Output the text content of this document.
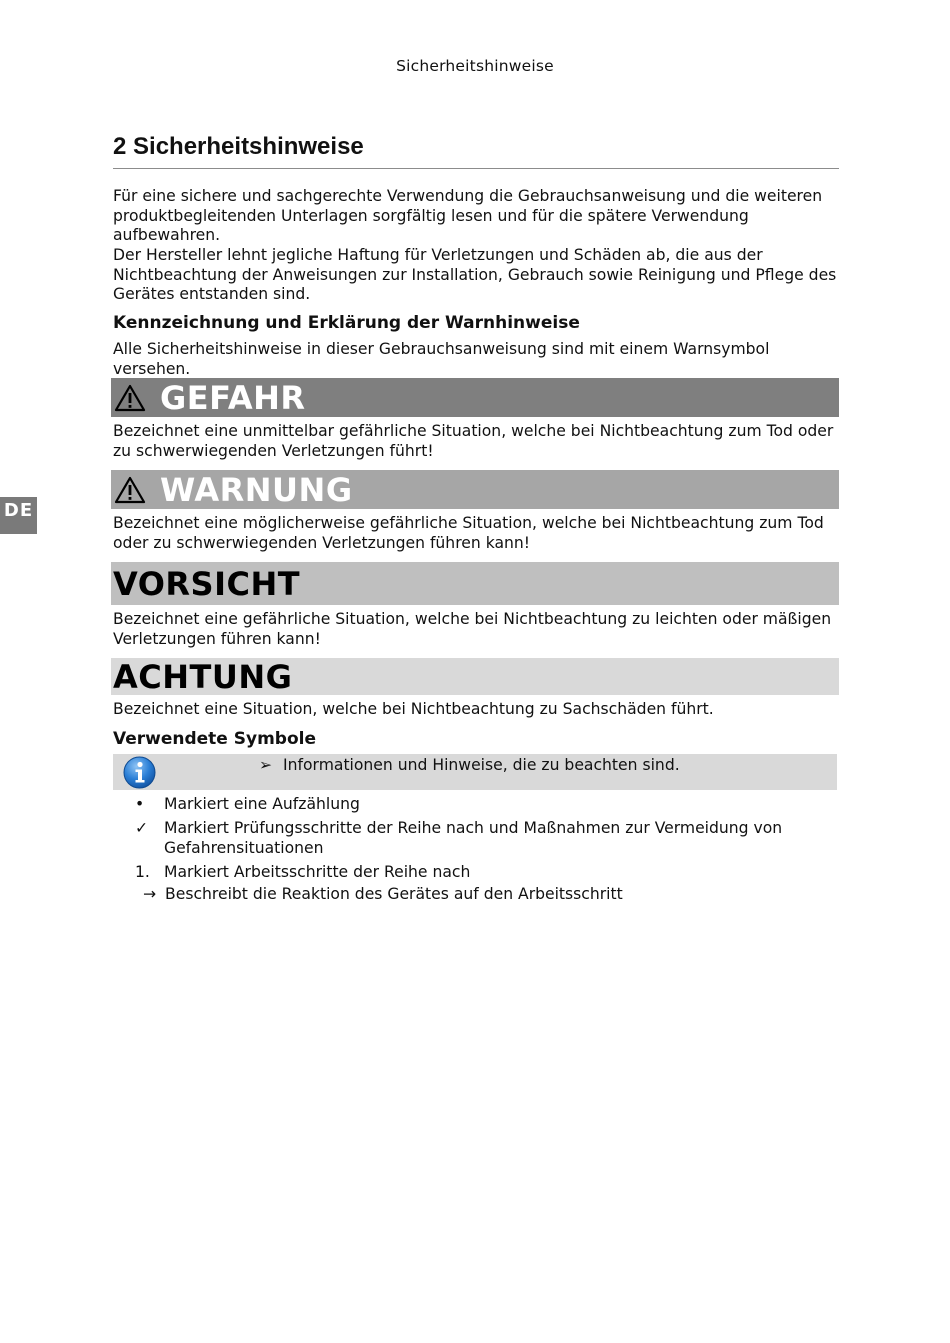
Sicherheitshinweise
DE
2 Sicherheitshinweise

Für eine sichere und sachgerechte Verwendung die Gebrauchsanweisung und die weiteren produktbegleitenden Unterlagen sorgfältig lesen und für die spätere Verwendung aufbewahren.

Der Hersteller lehnt jegliche Haftung für Verletzungen und Schäden ab, die aus der Nichtbeachtung der Anweisungen zur Installation, Gebrauch sowie Reinigung und Pflege des Gerätes entstanden sind.

Kennzeichnung und Erklärung der Warnhinweise

Alle Sicherheitshinweise in dieser Gebrauchsanweisung sind mit einem Warnsymbol versehen.

GEFAHR

Bezeichnet eine unmittelbar gefährliche Situation, welche bei Nichtbeachtung zum Tod oder zu schwerwiegenden Verletzungen führt!

WARNUNG

Bezeichnet eine möglicherweise gefährliche Situation, welche bei Nichtbeachtung zum Tod oder zu schwerwiegenden Verletzungen führen kann!

VORSICHT

Bezeichnet eine gefährliche Situation, welche bei Nichtbeachtung zu leichten oder mäßigen Verletzungen führen kann!

ACHTUNG

Bezeichnet eine Situation, welche bei Nichtbeachtung zu Sachschäden führt.

Verwendete Symbole
➢ Informationen und Hinweise, die zu beachten sind.
• Markiert eine Aufzählung
✓ Markiert Prüfungsschritte der Reihe nach und Maßnahmen zur Vermeidung von Gefahrensituationen
1. Markiert Arbeitsschritte der Reihe nach
→ Beschreibt die Reaktion des Gerätes auf den Arbeitsschritt
